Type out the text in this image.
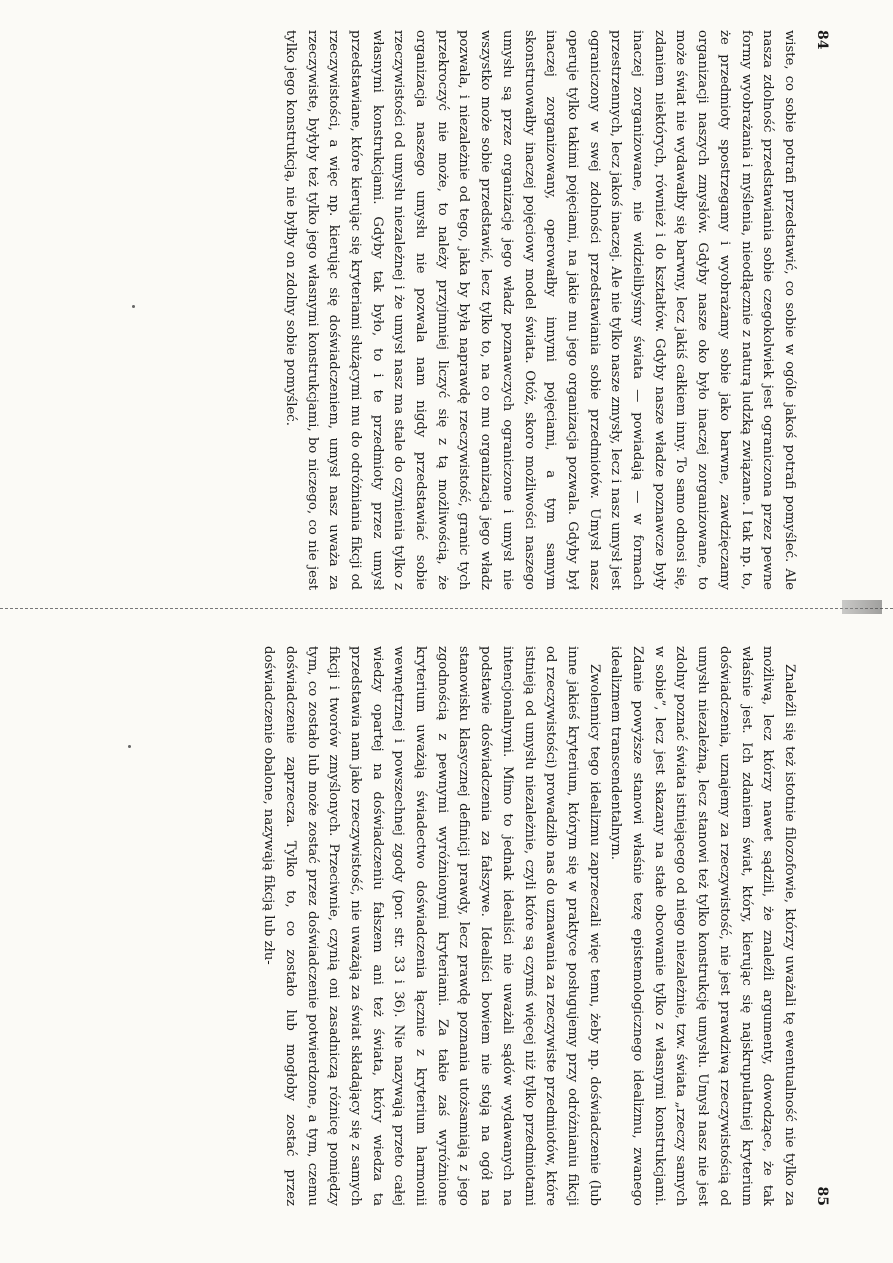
84

wiste, co sobie potrafi przedstawić, co sobie w ogóle jakoś potrafi pomyśleć. Ale nasza zdolność przedstawiania sobie czegokolwiek jest ograniczona przez pewne formy wyobrażania i myślenia, nieodłącznie z naturą ludzką związane. I tak np. to, że przedmioty spostrzegamy i wyobrażamy sobie jako barwne, zawdzięczamy organizacji naszych zmysłów. Gdyby nasze oko było inaczej zorganizowane, to może świat nie wydawałby się barwny, lecz jakiś całkiem inny. To samo odnosi się, zdaniem niektórych, również i do kształtów. Gdyby nasze władze poznawcze były inaczej zorganizowane, nie widzielibyśmy świata — powiadają — w formach przestrzennych, lecz jakoś inaczej. Ale nie tylko nasze zmysły, lecz i nasz umysł jest ograniczony w swej zdolności przedstawiania sobie przedmiotów. Umysł nasz operuje tylko takimi pojęciami, na jakie mu jego organizacja pozwala. Gdyby był inaczej zorganizowany, operowałby innymi pojęciami, a tym samym skonstruowałby inaczej pojęciowy model świata. Otóż, skoro możliwości naszego umysłu są przez organizację jego władz poznawczych ograniczone i umysł nie wszystko może sobie przedstawić, lecz tylko to, na co mu organizacja jego władz pozwala, i niezależnie od tego, jaka by była naprawdę rzeczywistość, granic tych przekroczyć nie może, to należy przyjmniej liczyć się z tą możliwością, że organizacja naszego umysłu nie pozwala nam nigdy przedstawiać sobie rzeczywistości od umysłu niezależnej i że umysł nasz ma stale do czynienia tylko z własnymi konstrukcjami. Gdyby tak było, to i te przedmioty przez umysł przedstawiane, które kierując się kryteriami służącymi mu do odróżniania fikcji od rzeczywistości, a więc np. kierując się doświadczeniem, umysł nasz uważa za rzeczywiste, byłyby też tylko jego własnymi konstrukcjami, bo niczego, co nie jest tylko jego konstrukcją, nie byłby on zdolny sobie pomyśleć.

85

Znaleźli się też istotnie filozofowie, którzy uważali tę ewentualność nie tylko za możliwą, lecz którzy nawet sądzili, że znaleźli argumenty, dowodzące, że tak właśnie jest. Ich zdaniem świat, który, kierując się najskrupulatniej kryterium doświadczenia, uznajemy za rzeczywistość, nie jest prawdziwą rzeczywistością od umysłu niezależną, lecz stanowi też tylko konstrukcję umysłu. Umysł nasz nie jest zdolny poznać świata istniejącego od niego niezależnie, tzw. świata „rzeczy samych w sobie”, lecz jest skazany na stałe obcowanie tylko z własnymi konstrukcjami. Zdanie powyższe stanowi właśnie tezę epistemologicznego idealizmu, zwanego idealizmem transcendentalnym.

Zwolennicy tego idealizmu zaprzeczali więc temu, żeby np. doświadczenie (lub inne jakieś kryterium, którym się w praktyce posługujemy przy odróżnianiu fikcji od rzeczywistości) prowadziło nas do uznawania za rzeczywiste przedmiotów, które istnieją od umysłu niezależnie, czyli które są czymś więcej niż tylko przedmiotami intencjonalnymi. Mimo to jednak idealiści nie uważali sądów wydawanych na podstawie doświadczenia za fałszywe. Idealiści bowiem nie stoją na ogół na stanowisku klasycznej definicji prawdy, lecz prawdę poznania utożsamiają z jego zgodnością z pewnymi wyróżnionymi kryteriami. Za takie zaś wyróżnione kryterium uważają świadectwo doświadczenia łącznie z kryterium harmonii wewnętrznej i powszechnej zgody (por. str. 33 i 36). Nie nazywają przeto całej wiedzy opartej na doświadczeniu fałszem ani też świata, który wiedza ta przedstawia nam jako rzeczywistość, nie uważają za świat składający się z samych fikcji i tworów zmyślonych. Przeciwnie, czynią oni zasadniczą różnicę pomiędzy tym, co zostało lub może zostać przez doświadczenie potwierdzone, a tym, czemu doświadczenie zaprzecza. Tylko to, co zostało lub mogłoby zostać przez doświadczenie obalone, nazywają fikcją lub złu-
